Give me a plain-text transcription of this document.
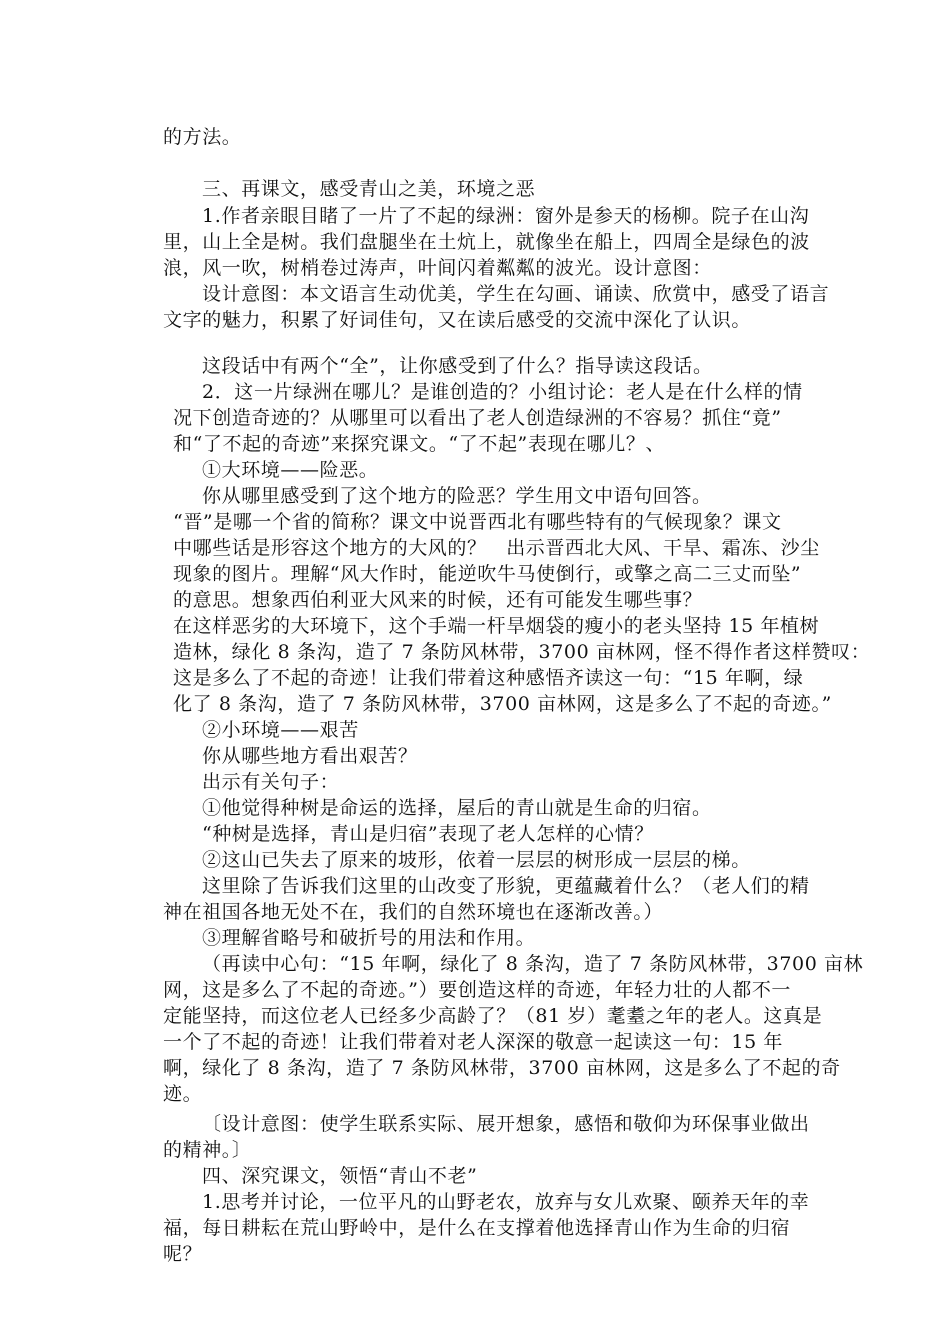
的方法。
三、再课文，感受青山之美，环境之恶
1.作者亲眼目睹了一片了不起的绿洲：窗外是参天的杨柳。院子在山沟
里，山上全是树。我们盘腿坐在土炕上，就像坐在船上，四周全是绿色的波
浪，风一吹，树梢卷过涛声，叶间闪着粼粼的波光。设计意图：
设计意图：本文语言生动优美，学生在勾画、诵读、欣赏中，感受了语言
文字的魅力，积累了好词佳句，又在读后感受的交流中深化了认识。
这段话中有两个“全”，让你感受到了什么？指导读这段话。
2．这一片绿洲在哪儿？是谁创造的？小组讨论：老人是在什么样的情
况下创造奇迹的？从哪里可以看出了老人创造绿洲的不容易？抓住“竟”
和“了不起的奇迹”来探究课文。“了不起”表现在哪儿？、
①大环境——险恶。
你从哪里感受到了这个地方的险恶？学生用文中语句回答。
“晋”是哪一个省的简称？课文中说晋西北有哪些特有的气候现象？课文
中哪些话是形容这个地方的大风的？　出示晋西北大风、干旱、霜冻、沙尘
现象的图片。理解“风大作时，能逆吹牛马使倒行，或擎之高二三丈而坠”
的意思。想象西伯利亚大风来的时候，还有可能发生哪些事？
在这样恶劣的大环境下，这个手端一杆旱烟袋的瘦小的老头坚持 15 年植树
造林，绿化 8 条沟，造了 7 条防风林带，3700 亩林网，怪不得作者这样赞叹：
这是多么了不起的奇迹！让我们带着这种感悟齐读这一句：“15 年啊，绿
化了 8 条沟，造了 7 条防风林带，3700 亩林网，这是多么了不起的奇迹。”
②小环境——艰苦
你从哪些地方看出艰苦？
出示有关句子：
①他觉得种树是命运的选择，屋后的青山就是生命的归宿。
“种树是选择，青山是归宿”表现了老人怎样的心情？
②这山已失去了原来的坡形，依着一层层的树形成一层层的梯。
这里除了告诉我们这里的山改变了形貌，更蕴藏着什么？（老人们的精
神在祖国各地无处不在，我们的自然环境也在逐渐改善。）
③理解省略号和破折号的用法和作用。
（再读中心句：“15 年啊，绿化了 8 条沟，造了 7 条防风林带，3700 亩林
网，这是多么了不起的奇迹。”）要创造这样的奇迹，年轻力壮的人都不一
定能坚持，而这位老人已经多少高龄了？（81 岁）耄耋之年的老人。这真是
一个了不起的奇迹！让我们带着对老人深深的敬意一起读这一句：15 年
啊，绿化了 8 条沟，造了 7 条防风林带，3700 亩林网，这是多么了不起的奇
迹。
〔设计意图：使学生联系实际、展开想象，感悟和敬仰为环保事业做出
的精神。〕
四、深究课文，领悟“青山不老”
1.思考并讨论，一位平凡的山野老农，放弃与女儿欢聚、颐养天年的幸
福，每日耕耘在荒山野岭中，是什么在支撑着他选择青山作为生命的归宿
呢？
